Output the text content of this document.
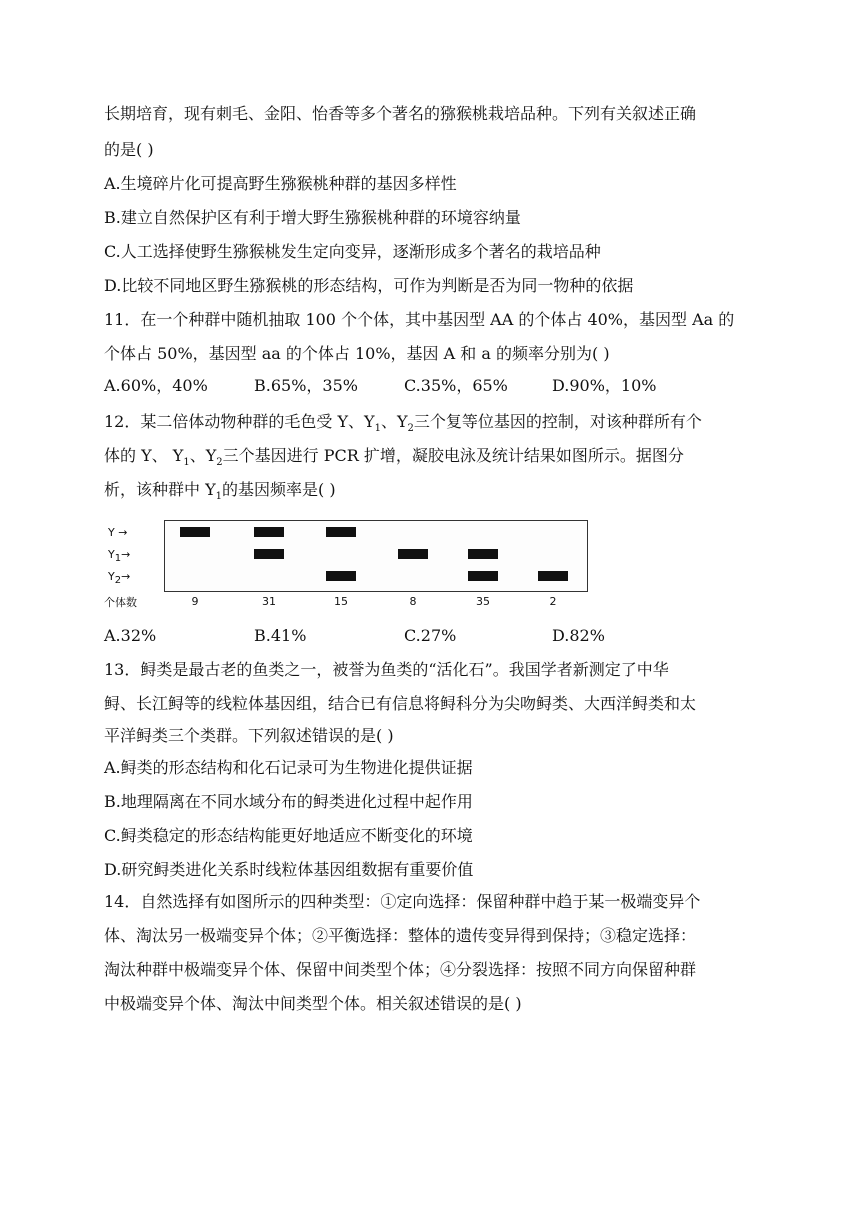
长期培育，现有刺毛、金阳、怡香等多个著名的猕猴桃栽培品种。下列有关叙述正确
的是( )
A.生境碎片化可提高野生猕猴桃种群的基因多样性
B.建立自然保护区有利于增大野生猕猴桃种群的环境容纳量
C.人工选择使野生猕猴桃发生定向变异，逐渐形成多个著名的栽培品种
D.比较不同地区野生猕猴桃的形态结构，可作为判断是否为同一物种的依据
11．在一个种群中随机抽取 100 个个体，其中基因型 AA 的个体占 40%，基因型 Aa 的
个体占 50%，基因型 aa 的个体占 10%，基因 A 和 a 的频率分别为( )
A.60%，40%	B.65%，35%	C.35%，65%	D.90%，10%
12．某二倍体动物种群的毛色受 Y、$Y_1$、$Y_2$三个复等位基因的控制，对该种群所有个
体的 Y、 $Y_1$、$Y_2$三个基因进行 PCR 扩增，凝胶电泳及统计结果如图所示。据图分
析，该种群中 $Y_1$的基因频率是( )
Y →
$Y_1\to$
$Y_2\to$
个体数	9	31	15	8	35	2
A.32%	B.41%	C.27%	D.82%
13．鲟类是最古老的鱼类之一，被誉为鱼类的“活化石”。我国学者新测定了中华
鲟、长江鲟等的线粒体基因组，结合已有信息将鲟科分为尖吻鲟类、大西洋鲟类和太
平洋鲟类三个类群。下列叙述错误的是( )
A.鲟类的形态结构和化石记录可为生物进化提供证据
B.地理隔离在不同水域分布的鲟类进化过程中起作用
C.鲟类稳定的形态结构能更好地适应不断变化的环境
D.研究鲟类进化关系时线粒体基因组数据有重要价值
14．自然选择有如图所示的四种类型：①定向选择：保留种群中趋于某一极端变异个
体、淘汰另一极端变异个体；②平衡选择：整体的遗传变异得到保持；③稳定选择：
淘汰种群中极端变异个体、保留中间类型个体；④分裂选择：按照不同方向保留种群
中极端变异个体、淘汰中间类型个体。相关叙述错误的是( )
